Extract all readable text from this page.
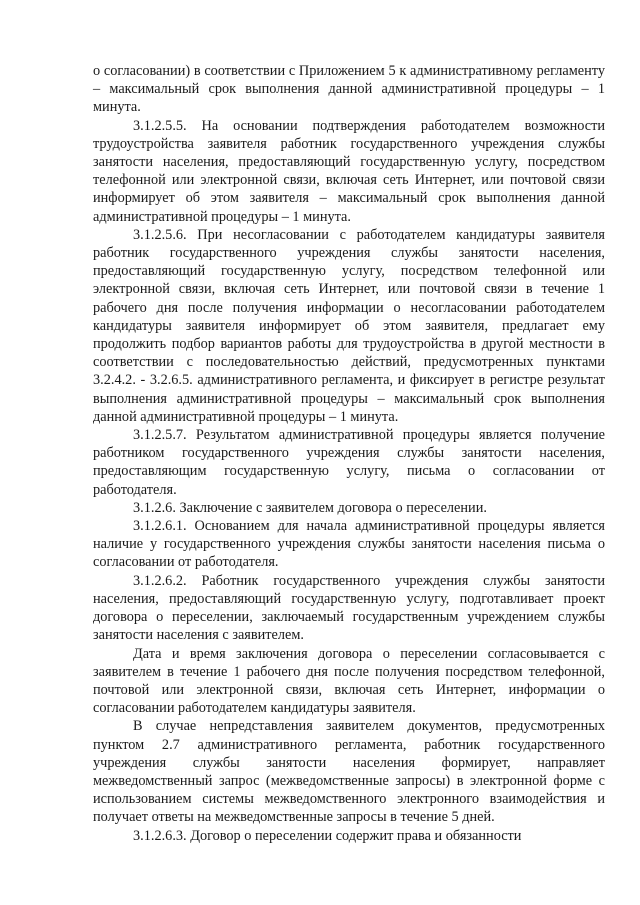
о согласовании) в соответствии с Приложением 5 к административному регламенту – максимальный срок выполнения данной административной процедуры – 1 минута.

3.1.2.5.5. На основании подтверждения работодателем возможности трудоустройства заявителя работник государственного учреждения службы занятости населения, предоставляющий государственную услугу, посредством телефонной или электронной связи, включая сеть Интернет, или почтовой связи информирует об этом заявителя – максимальный срок выполнения данной административной процедуры – 1 минута.

3.1.2.5.6. При несогласовании с работодателем кандидатуры заявителя работник государственного учреждения службы занятости населения, предоставляющий государственную услугу, посредством телефонной или электронной связи, включая сеть Интернет, или почтовой связи в течение 1 рабочего дня после получения информации о несогласовании работодателем кандидатуры заявителя информирует об этом заявителя, предлагает ему продолжить подбор вариантов работы для трудоустройства в другой местности в соответствии с последовательностью действий, предусмотренных пунктами 3.2.4.2. - 3.2.6.5. административного регламента, и фиксирует в регистре результат выполнения административной процедуры – максимальный срок выполнения данной административной процедуры – 1 минута.

3.1.2.5.7. Результатом административной процедуры является получение работником государственного учреждения службы занятости населения, предоставляющим государственную услугу, письма о согласовании от работодателя.

3.1.2.6. Заключение с заявителем договора о переселении.

3.1.2.6.1. Основанием для начала административной процедуры является наличие у государственного учреждения службы занятости населения письма о согласовании от работодателя.

3.1.2.6.2. Работник государственного учреждения службы занятости населения, предоставляющий государственную услугу, подготавливает проект договора о переселении, заключаемый государственным учреждением службы занятости населения с заявителем.

Дата и время заключения договора о переселении согласовывается с заявителем в течение 1 рабочего дня после получения посредством телефонной, почтовой или электронной связи, включая сеть Интернет, информации о согласовании работодателем кандидатуры заявителя.

В случае непредставления заявителем документов, предусмотренных пунктом 2.7 административного регламента, работник государственного учреждения службы занятости населения формирует, направляет межведомственный запрос (межведомственные запросы) в электронной форме с использованием системы межведомственного электронного взаимодействия и получает ответы на межведомственные запросы в течение 5 дней.

3.1.2.6.3. Договор о переселении содержит права и обязанности
